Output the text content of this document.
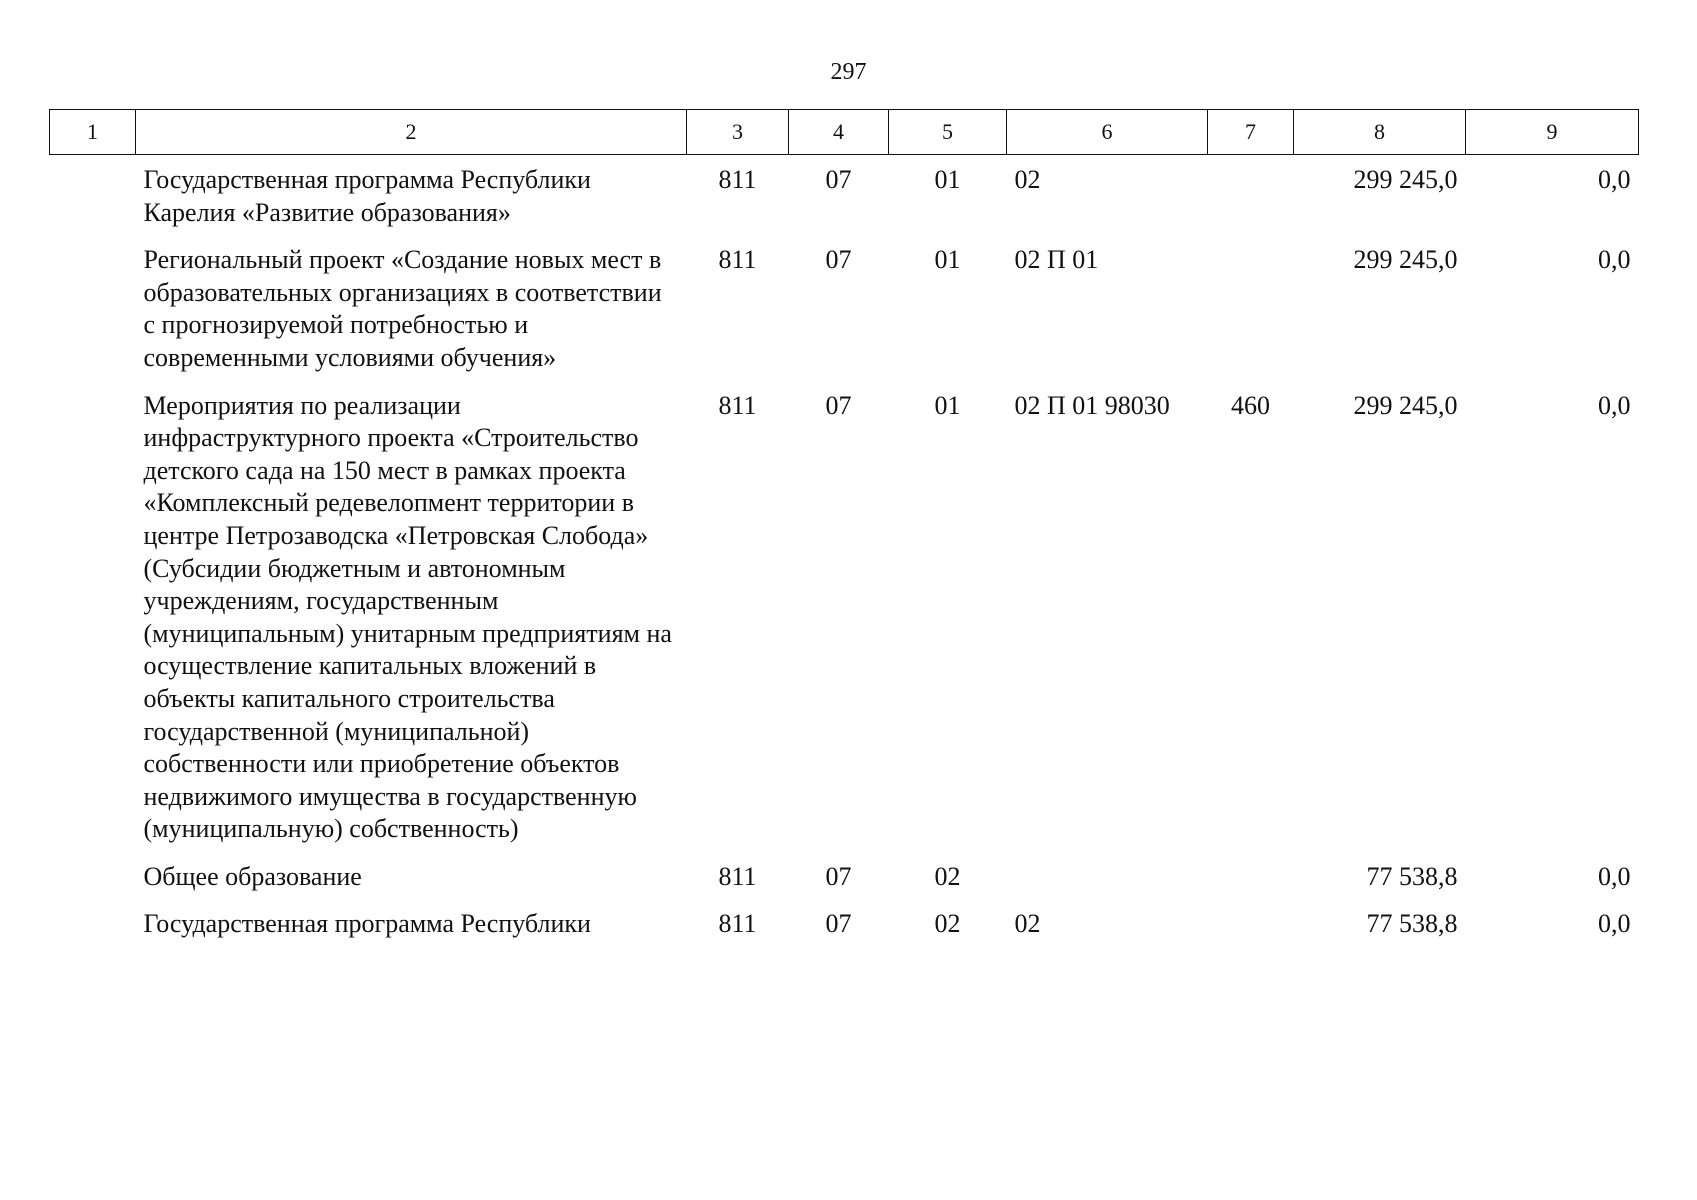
297
1	2	3	4	5	6	7	8	9
	Государственная программа Республики Карелия «Развитие образования»	811	07	01	02		299 245,0	0,0
	Региональный проект «Создание новых мест в образовательных организациях в соответствии с прогнозируемой потребностью и современными условиями обучения»	811	07	01	02 П 01		299 245,0	0,0
	Мероприятия по реализации инфраструктурного проекта «Строительство детского сада на 150 мест в рамках проекта «Комплексный редевелопмент территории в центре Петрозаводска «Петровская Слобода» (Субсидии бюджетным и автономным учреждениям, государственным (муниципальным) унитарным предприятиям на осуществление капитальных вложений в объекты капитального строительства государственной (муниципальной) собственности или приобретение объектов недвижимого имущества в государственную (муниципальную) собственность)	811	07	01	02 П 01 98030	460	299 245,0	0,0
	Общее образование	811	07	02			77 538,8	0,0
	Государственная программа Республики	811	07	02	02		77 538,8	0,0
